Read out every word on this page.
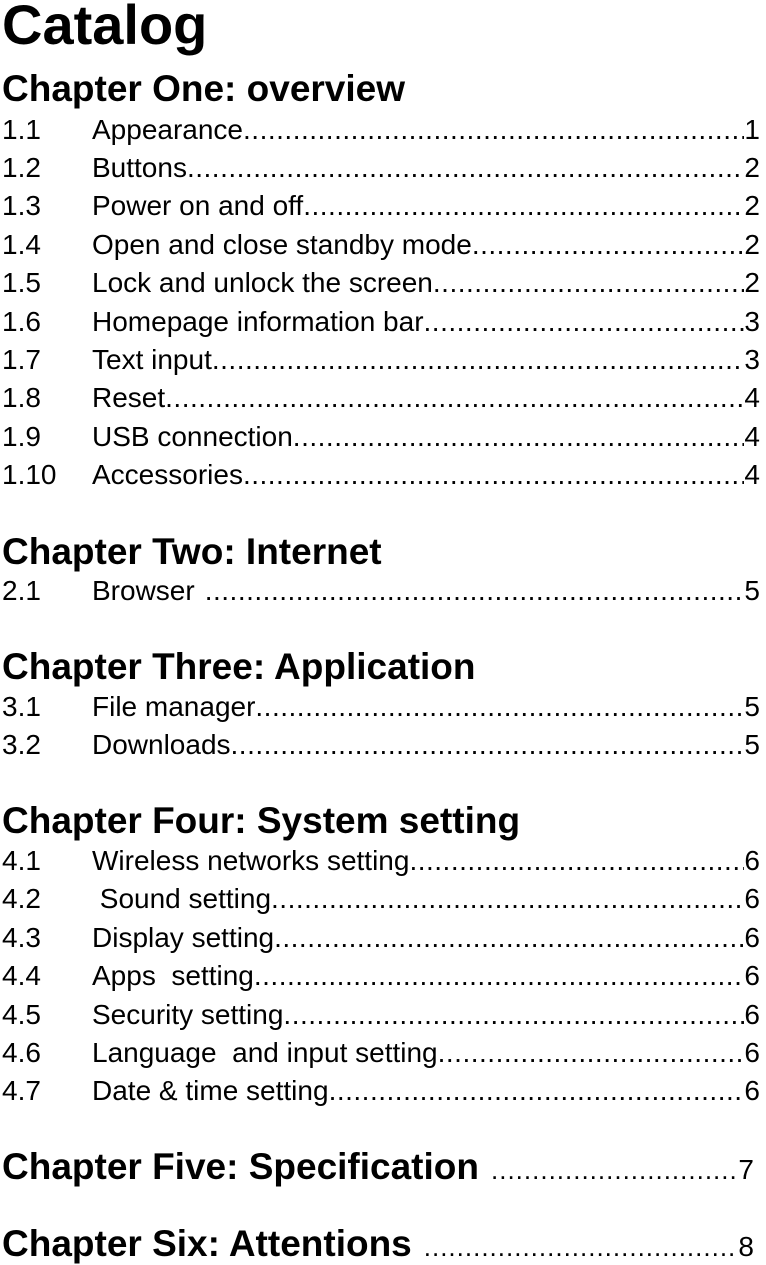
Catalog
Chapter One: overview
1.1	Appearance .....	1
1.2	Buttons .....	2
1.3	Power on and off .....	2
1.4	Open and close standby mode .....	2
1.5	Lock and unlock the screen .....	2
1.6	Homepage information bar .....	3
1.7	Text input .....	3
1.8	Reset .....	4
1.9	USB connection .....	4
1.10	Accessories .....	4
Chapter Two: Internet
2.1	Browser .....	5
Chapter Three: Application
3.1	File manager .....	5
3.2	Downloads .....	5
Chapter Four: System setting
4.1	Wireless networks setting .....	6
4.2	Sound setting .....	6
4.3	Display setting .....	6
4.4	Apps  setting .....	6
4.5	Security setting .....	6
4.6	Language  and input setting .....	6
4.7	Date & time setting .....	6
Chapter Five: Specification .....	7
Chapter Six: Attentions .....	8
